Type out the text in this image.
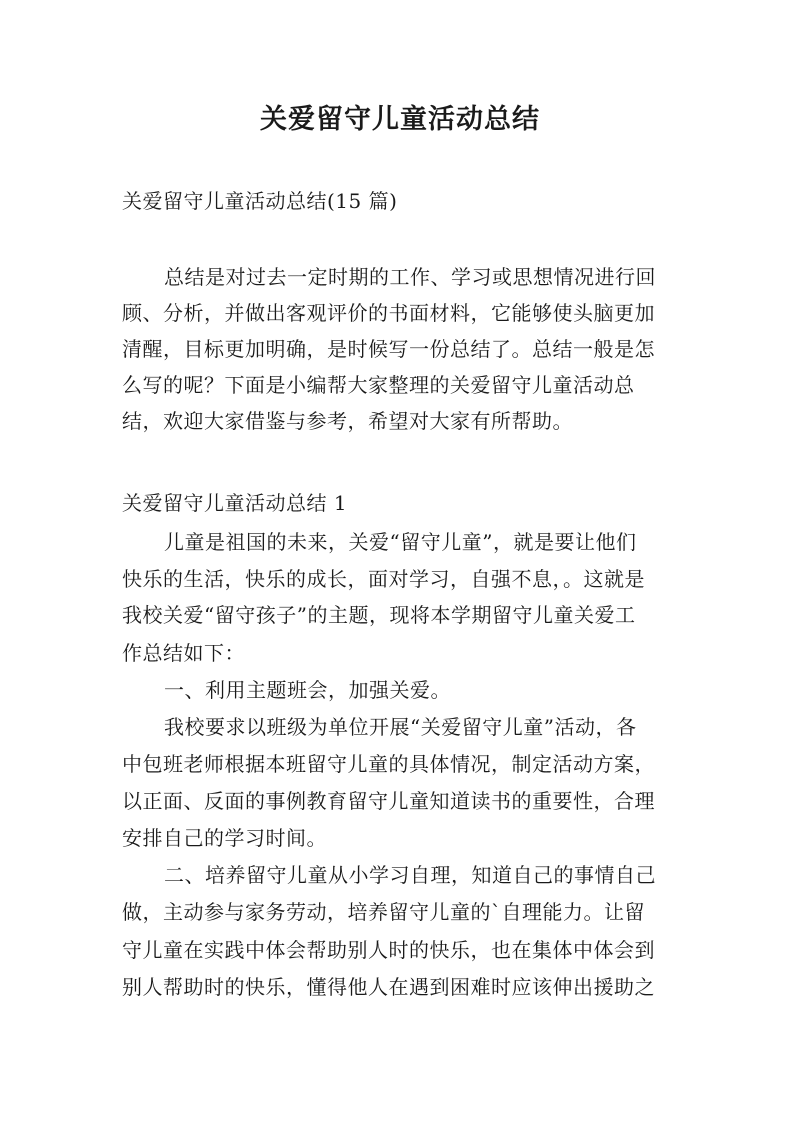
关爱留守儿童活动总结

关爱留守儿童活动总结(15 篇)

总结是对过去一定时期的工作、学习或思想情况进行回

顾、分析，并做出客观评价的书面材料，它能够使头脑更加

清醒，目标更加明确，是时候写一份总结了。总结一般是怎

么写的呢？下面是小编帮大家整理的关爱留守儿童活动总

结，欢迎大家借鉴与参考，希望对大家有所帮助。

关爱留守儿童活动总结 1

儿童是祖国的未来，关爱“留守儿童”，就是要让他们

快乐的生活，快乐的成长，面对学习，自强不息，。这就是

我校关爱“留守孩子”的主题，现将本学期留守儿童关爱工

作总结如下：

一、利用主题班会，加强关爱。

我校要求以班级为单位开展“关爱留守儿童”活动，各

中包班老师根据本班留守儿童的具体情况，制定活动方案，

以正面、反面的事例教育留守儿童知道读书的重要性，合理

安排自己的学习时间。

二、培养留守儿童从小学习自理，知道自己的事情自己

做，主动参与家务劳动，培养留守儿童的`自理能力。让留

守儿童在实践中体会帮助别人时的快乐，也在集体中体会到

别人帮助时的快乐，懂得他人在遇到困难时应该伸出援助之
